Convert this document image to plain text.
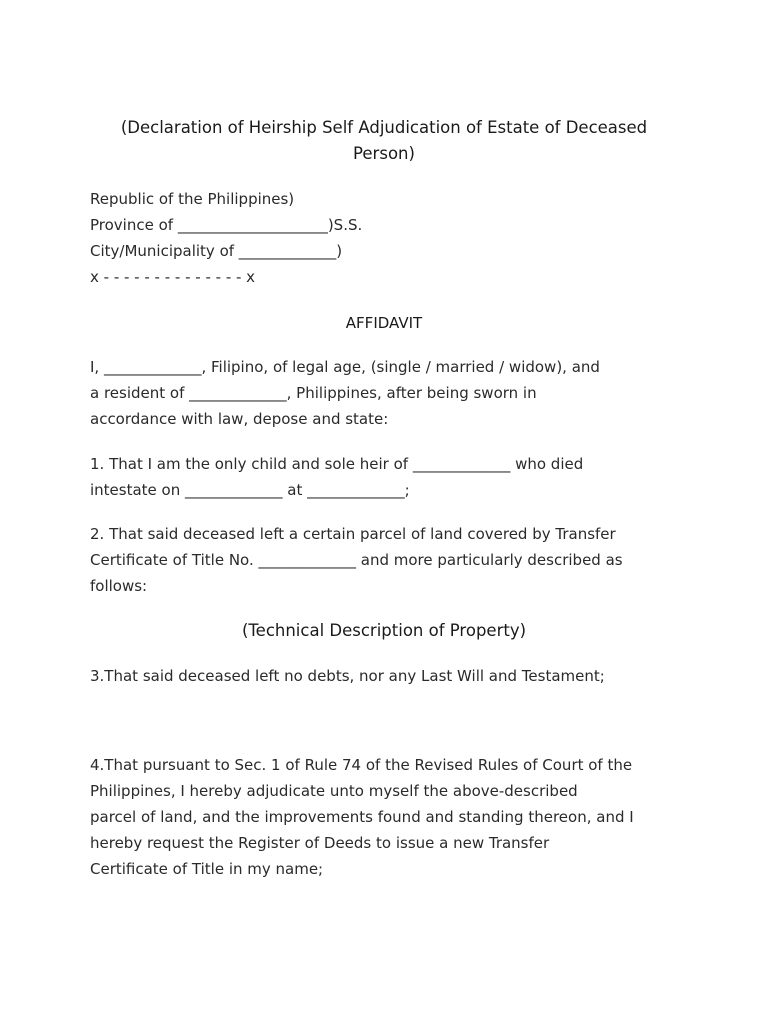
(Declaration of Heirship Self Adjudication of Estate of Deceased
Person)
Republic of the Philippines)
Province of ____________________)S.S.
City/Municipality of _____________)
x - - - - - - - - - - - - - - x
AFFIDAVIT
I, _____________, Filipino, of legal age, (single / married / widow), and
a resident of _____________, Philippines, after being sworn in
accordance with law, depose and state:
1. That I am the only child and sole heir of _____________ who died
intestate on _____________ at _____________;
2. That said deceased left a certain parcel of land covered by Transfer
Certificate of Title No. _____________ and more particularly described as
follows:
(Technical Description of Property)
3.That said deceased left no debts, nor any Last Will and Testament;
4.That pursuant to Sec. 1 of Rule 74 of the Revised Rules of Court of the
Philippines, I hereby adjudicate unto myself the above-described
parcel of land, and the improvements found and standing thereon, and I
hereby request the Register of Deeds to issue a new Transfer
Certificate of Title in my name;
